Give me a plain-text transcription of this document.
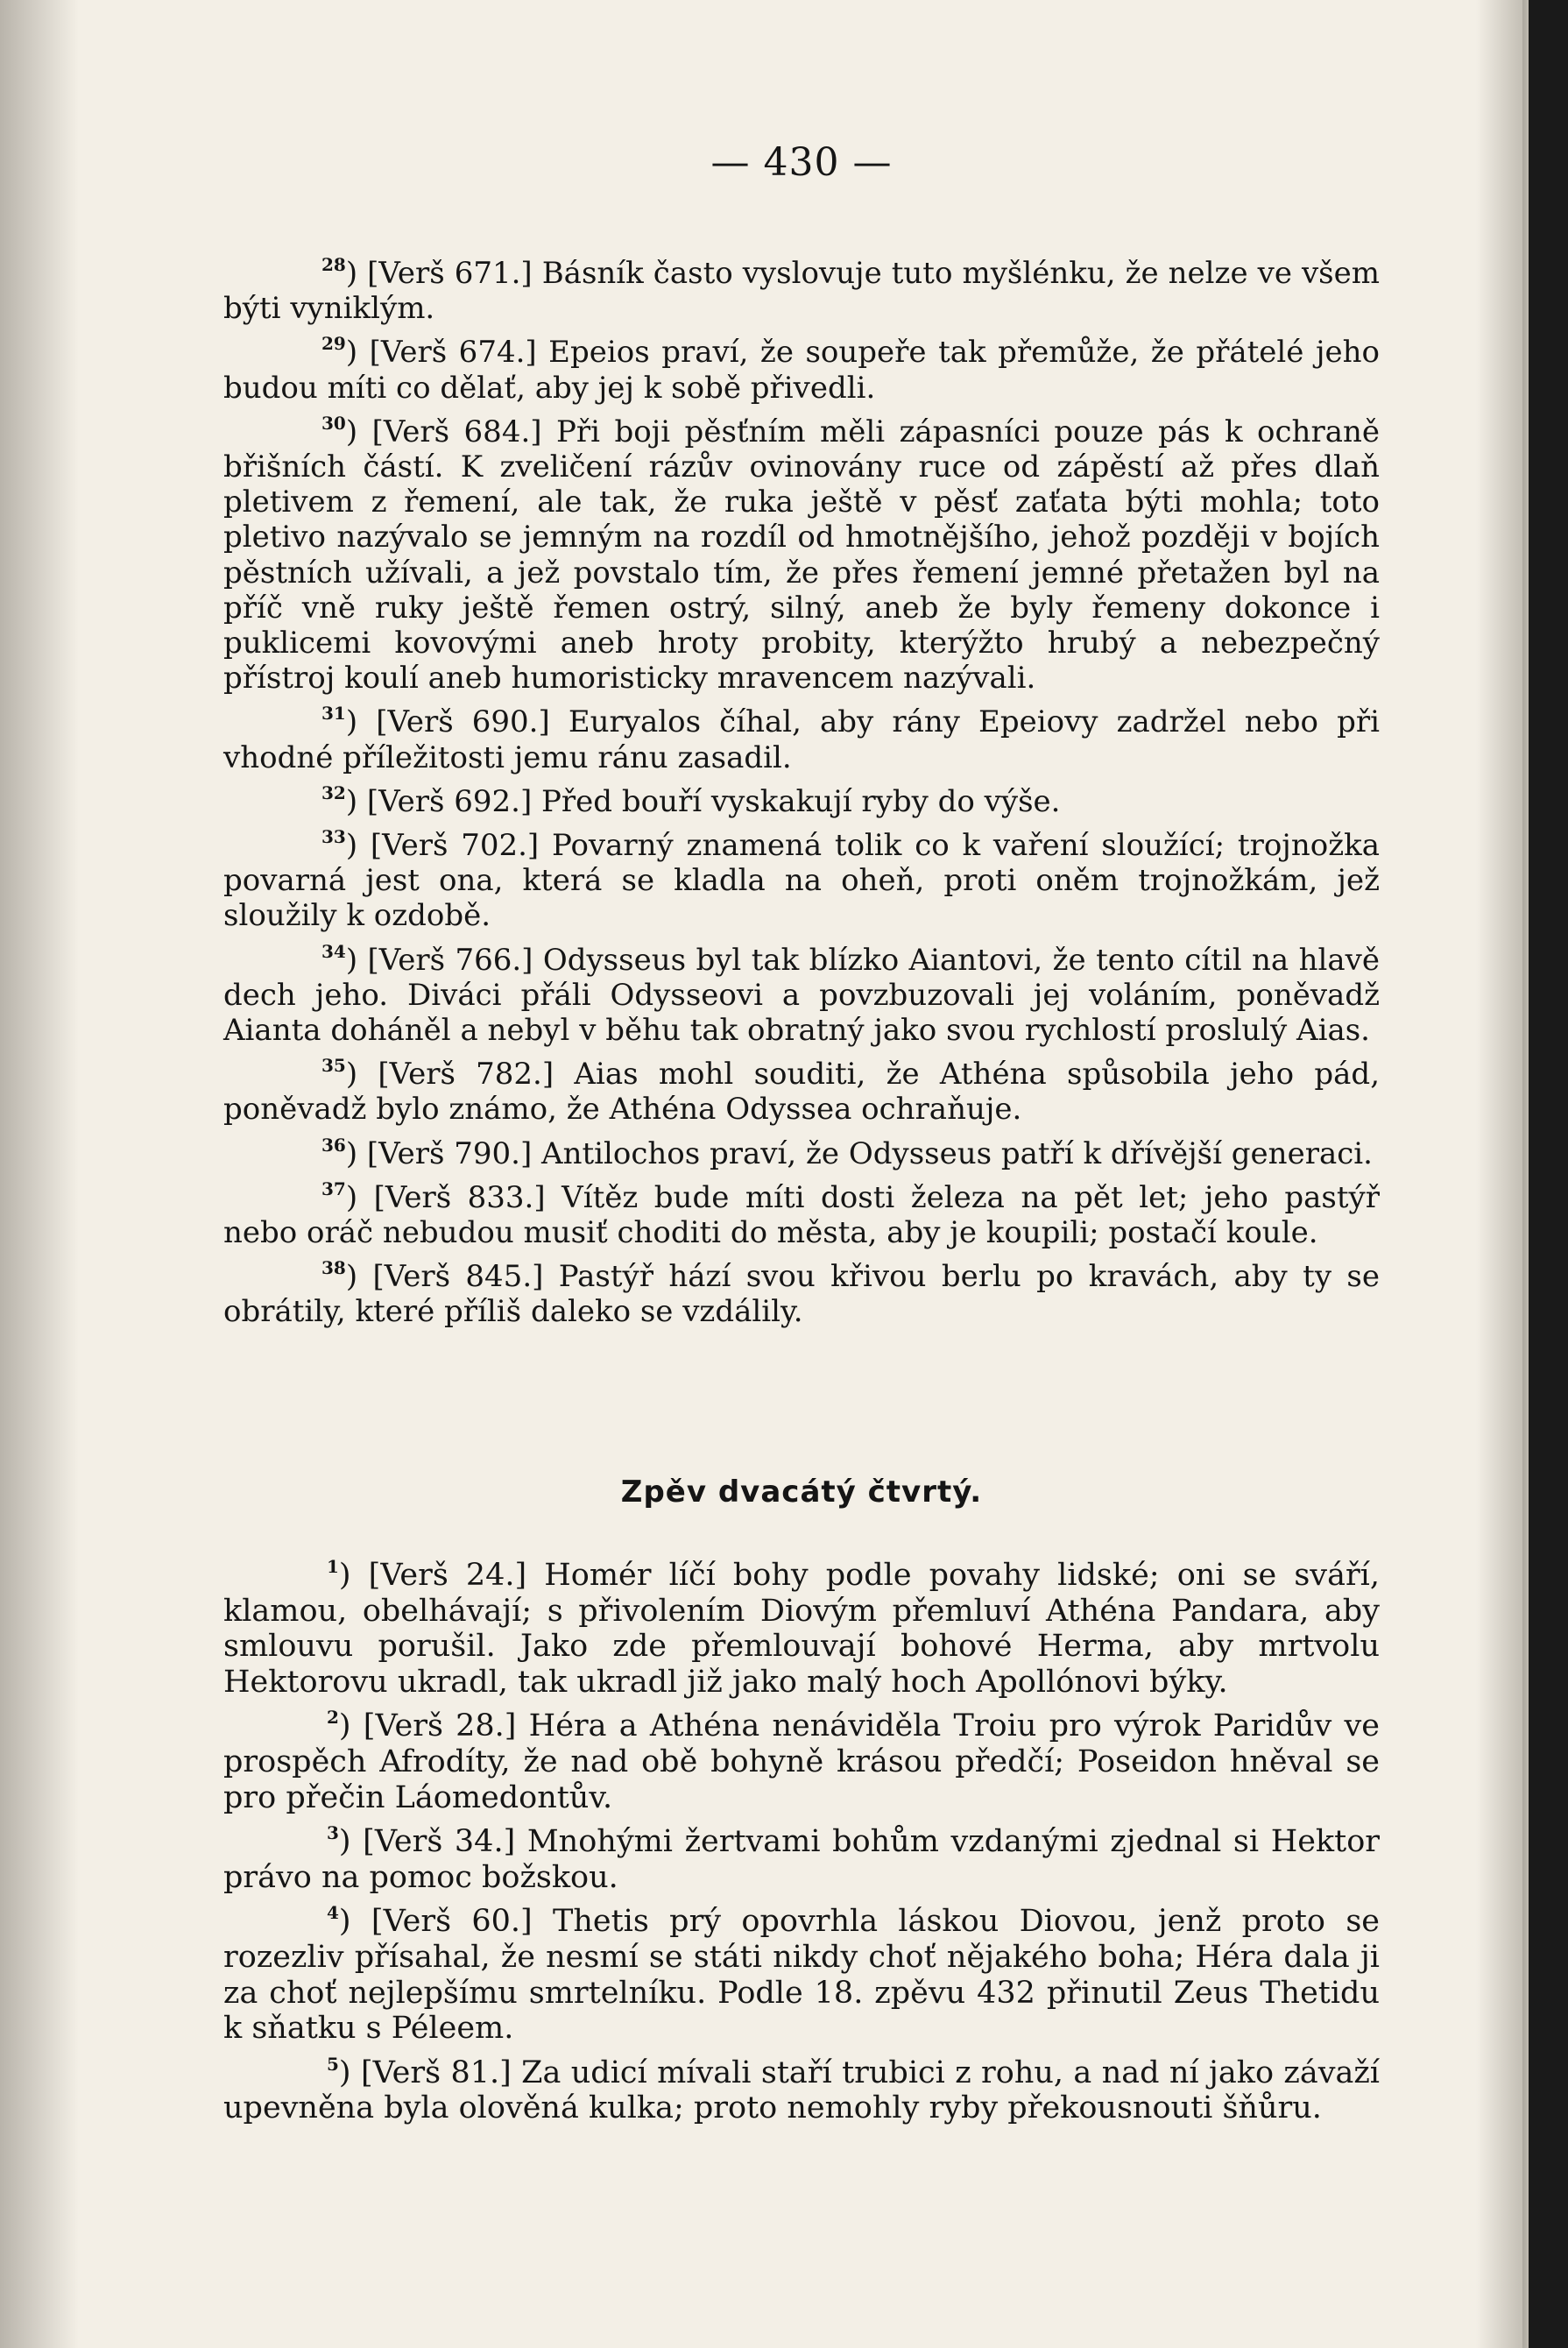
— 430 —

$^{28}$) [Verš 671.] Básník často vyslovuje tuto myšlénku, že nelze ve všem býti vyniklým.

$^{29}$) [Verš 674.] Epeios praví, že soupeře tak přemůže, že přátelé jeho budou míti co dělať, aby jej k sobě přivedli.

$^{30}$) [Verš 684.] Při boji pěsťním měli zápasníci pouze pás k ochraně břišních částí. K zveličení rázův ovinovány ruce od zápěstí až přes dlaň pletivem z řemení, ale tak, že ruka ještě v pěsť zaťata býti mohla; toto pletivo nazývalo se jemným na rozdíl od hmotnějšího, jehož později v bojích pěstních užívali, a jež povstalo tím, že přes řemení jemné přetažen byl na příč vně ruky ještě řemen ostrý, silný, aneb že byly řemeny dokonce i puklicemi kovovými aneb hroty probity, kterýžto hrubý a nebezpečný přístroj koulí aneb humoristicky mravencem nazývali.

$^{31}$) [Verš 690.] Euryalos číhal, aby rány Epeiovy zadržel nebo při vhodné příležitosti jemu ránu zasadil.

$^{32}$) [Verš 692.] Před bouří vyskakují ryby do výše.

$^{33}$) [Verš 702.] Povarný znamená tolik co k vaření sloužící; trojnožka povarná jest ona, která se kladla na oheň, proti oněm trojnožkám, jež sloužily k ozdobě.

$^{34}$) [Verš 766.] Odysseus byl tak blízko Aiantovi, že tento cítil na hlavě dech jeho. Diváci přáli Odysseovi a povzbuzovali jej voláním, poněvadž Aianta doháněl a nebyl v běhu tak obratný jako svou rychlostí proslulý Aias.

$^{35}$) [Verš 782.] Aias mohl souditi, že Athéna spůsobila jeho pád, poněvadž bylo známo, že Athéna Odyssea ochraňuje.

$^{36}$) [Verš 790.] Antilochos praví, že Odysseus patří k dřívější generaci.

$^{37}$) [Verš 833.] Vítěz bude míti dosti železa na pět let; jeho pastýř nebo oráč nebudou musiť choditi do města, aby je koupili; postačí koule.

$^{38}$) [Verš 845.] Pastýř hází svou křivou berlu po kravách, aby ty se obrátily, které příliš daleko se vzdálily.

Zpěv dvacátý čtvrtý.

$^1$) [Verš 24.] Homér líčí bohy podle povahy lidské; oni se sváří, klamou, obelhávají; s přivolením Diovým přemluví Athéna Pandara, aby smlouvu porušil. Jako zde přemlouvají bohové Herma, aby mrtvolu Hektorovu ukradl, tak ukradl již jako malý hoch Apollónovi býky.

$^2$) [Verš 28.] Héra a Athéna nenáviděla Troiu pro výrok Paridův ve prospěch Afrodíty, že nad obě bohyně krásou předčí; Poseidon hněval se pro přečin Láomedontův.

$^3$) [Verš 34.] Mnohými žertvami bohům vzdanými zjednal si Hektor právo na pomoc božskou.

$^4$) [Verš 60.] Thetis prý opovrhla láskou Diovou, jenž proto se rozezliv přísahal, že nesmí se státi nikdy choť nějakého boha; Héra dala ji za choť nejlepšímu smrtelníku. Podle 18. zpěvu 432 přinutil Zeus Thetidu k sňatku s Péleem.

$^5$) [Verš 81.] Za udicí mívali staří trubici z rohu, a nad ní jako závaží upevněna byla olověná kulka; proto nemohly ryby překousnouti šňůru.
